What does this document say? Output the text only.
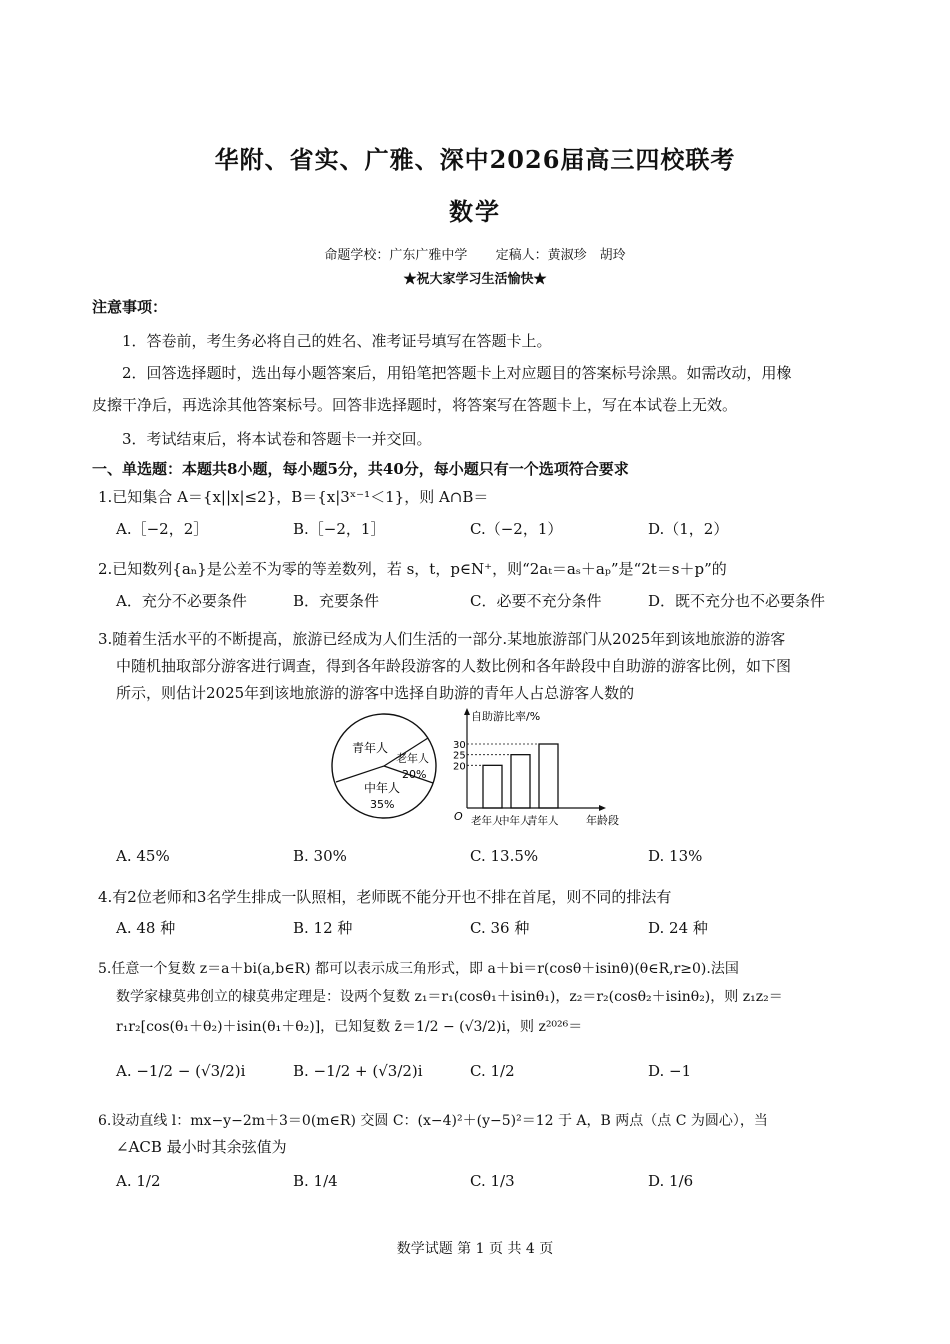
华附、省实、广雅、深中2026届高三四校联考
数学
命题学校：广东广雅中学 定稿人：黄淑珍　胡玲
★祝大家学习生活愉快★
注意事项：
1．答卷前，考生务必将自己的姓名、准考证号填写在答题卡上。
2．回答选择题时，选出每小题答案后，用铅笔把答题卡上对应题目的答案标号涂黑。如需改动，用橡
皮擦干净后，再选涂其他答案标号。回答非选择题时，将答案写在答题卡上，写在本试卷上无效。
3．考试结束后，将本试卷和答题卡一并交回。
一、单选题：本题共8小题，每小题5分，共40分，每小题只有一个选项符合要求
1.已知集合 A＝{x||x|≤2}，B＝{x|3ˣ⁻¹＜1}，则 A∩B＝
A.［−2，2］	B.［−2，1］	C.（−2，1）	D.（1，2）
2.已知数列{aₙ}是公差不为零的等差数列，若 s，t，p∈N⁺，则“2aₜ＝aₛ＋aₚ”是“2t＝s＋p”的
A．充分不必要条件	B．充要条件	C．必要不充分条件	D．既不充分也不必要条件
3.随着生活水平的不断提高，旅游已经成为人们生活的一部分.某地旅游部门从2025年到该地旅游的游客
中随机抽取部分游客进行调查，得到各年龄段游客的人数比例和各年龄段中自助游的游客比例，如下图
所示，则估计2025年到该地旅游的游客中选择自助游的青年人占总游客人数的
青年人
老年人
20%
中年人
35%
自助游比率/%
O	年龄段
20
老年人
25
中年人
30
青年人
A. 45%	B. 30%	C. 13.5%	D. 13%
4.有2位老师和3名学生排成一队照相，老师既不能分开也不排在首尾，则不同的排法有
A. 48 种	B. 12 种	C. 36 种	D. 24 种
5.任意一个复数 z＝a＋bi(a,b∈R) 都可以表示成三角形式，即 a＋bi＝r(cosθ＋isinθ)(θ∈R,r≥0).法国
数学家棣莫弗创立的棣莫弗定理是：设两个复数 z₁＝r₁(cosθ₁＋isinθ₁)，z₂＝r₂(cosθ₂＋isinθ₂)，则 z₁z₂＝
r₁r₂[cos(θ₁＋θ₂)＋isin(θ₁＋θ₂)]，已知复数 z̄＝1/2 − (√3/2)i，则 z²⁰²⁶＝
A. −1/2 − (√3/2)i	B. −1/2 + (√3/2)i	C. 1/2	D. −1
6.设动直线 l：mx−y−2m＋3＝0(m∈R) 交圆 C：(x−4)²＋(y−5)²＝12 于 A，B 两点（点 C 为圆心），当
∠ACB 最小时其余弦值为
A. 1/2	B. 1/4	C. 1/3	D. 1/6
数学试题 第 1 页 共 4 页
